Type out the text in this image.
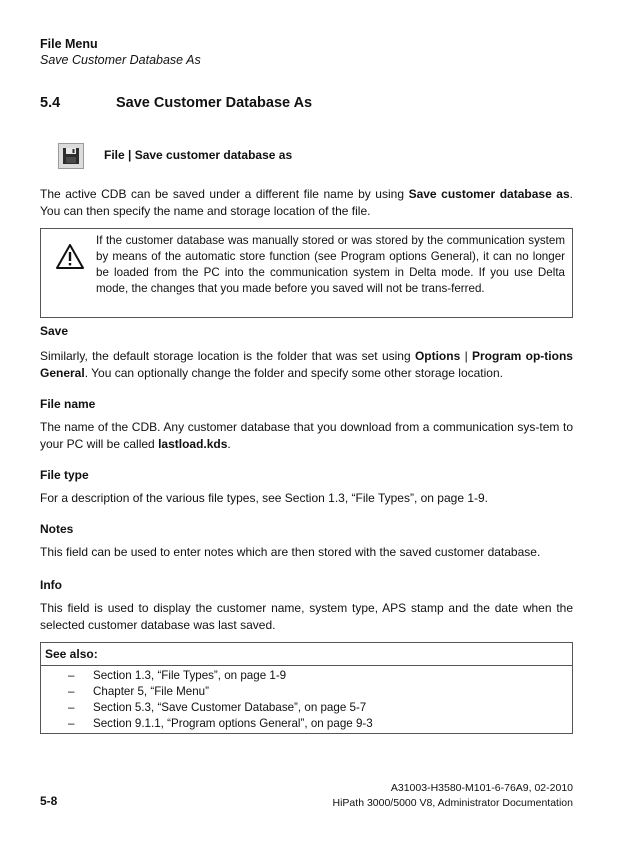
File Menu
Save Customer Database As
5.4	Save Customer Database As
File | Save customer database as
The active CDB can be saved under a different file name by using Save customer database as. You can then specify the name and storage location of the file.
If the customer database was manually stored or was stored by the communication system by means of the automatic store function (see Program options General), it can no longer be loaded from the PC into the communication system in Delta mode. If you use Delta mode, the changes that you made before you saved will not be trans-ferred.
Save
Similarly, the default storage location is the folder that was set using Options | Program op-tions General. You can optionally change the folder and specify some other storage location.
File name
The name of the CDB. Any customer database that you download from a communication sys-tem to your PC will be called lastload.kds.
File type
For a description of the various file types, see Section 1.3, “File Types”, on page 1-9.
Notes
This field can be used to enter notes which are then stored with the saved customer database.
Info
This field is used to display the customer name, system type, APS stamp and the date when the selected customer database was last saved.
See also:
– Section 1.3, “File Types”, on page 1-9
– Chapter 5, “File Menu”
– Section 5.3, “Save Customer Database”, on page 5-7
– Section 9.1.1, “Program options General”, on page 9-3
A31003-H3580-M101-6-76A9, 02-2010
HiPath 3000/5000 V8, Administrator Documentation
5-8
